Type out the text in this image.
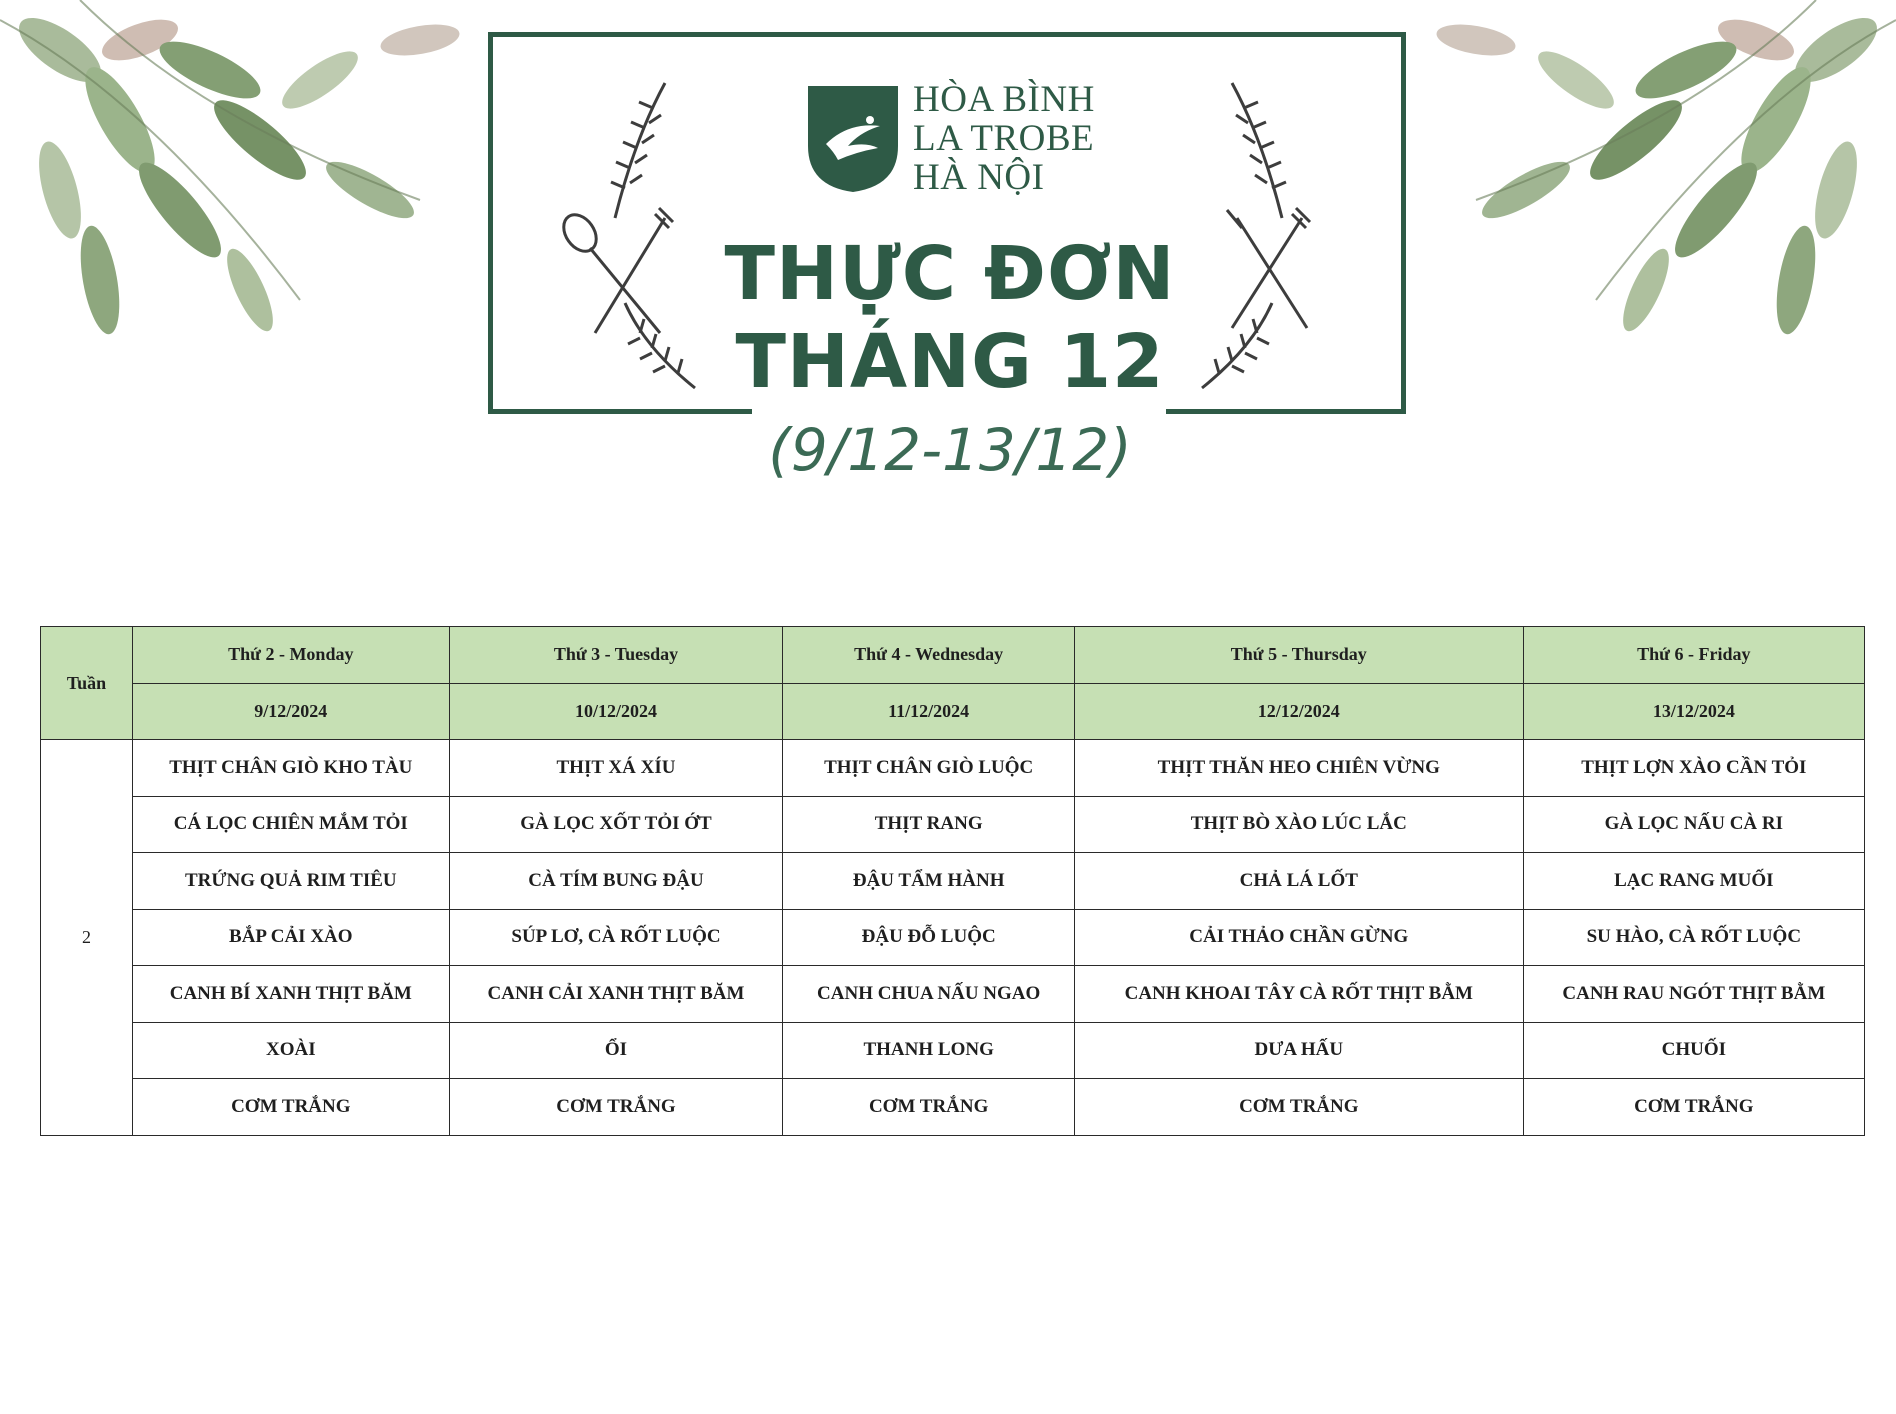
HÒA BÌNH
LA TROBE
HÀ NỘI
THỰC ĐƠN
THÁNG 12
(9/12-13/12)
Tuần	Thứ 2 - Monday	Thứ 3 - Tuesday	Thứ 4 - Wednesday	Thứ 5 - Thursday	Thứ 6 - Friday
	9/12/2024	10/12/2024	11/12/2024	12/12/2024	13/12/2024
2	THỊT CHÂN GIÒ KHO TÀU	THỊT XÁ XÍU	THỊT CHÂN GIÒ LUỘC	THỊT THĂN HEO CHIÊN VỪNG	THỊT LỢN XÀO CẦN TỎI
	CÁ LỌC CHIÊN MẮM TỎI	GÀ LỌC XỐT TỎI ỚT	THỊT RANG	THỊT BÒ XÀO LÚC LẮC	GÀ LỌC NẤU CÀ RI
	TRỨNG QUẢ RIM TIÊU	CÀ TÍM BUNG ĐẬU	ĐẬU TẨM HÀNH	CHẢ LÁ LỐT	LẠC RANG MUỐI
	BẮP CẢI XÀO	SÚP LƠ, CÀ RỐT LUỘC	ĐẬU ĐỖ LUỘC	CẢI THẢO CHẦN GỪNG	SU HÀO, CÀ RỐT LUỘC
	CANH BÍ XANH THỊT BĂM	CANH CẢI XANH THỊT BĂM	CANH CHUA NẤU NGAO	CANH KHOAI TÂY CÀ RỐT THỊT BẰM	CANH RAU NGÓT THỊT BẰM
	XOÀI	ỔI	THANH LONG	DƯA HẤU	CHUỐI
	CƠM TRẮNG	CƠM TRẮNG	CƠM TRẮNG	CƠM TRẮNG	CƠM TRẮNG
